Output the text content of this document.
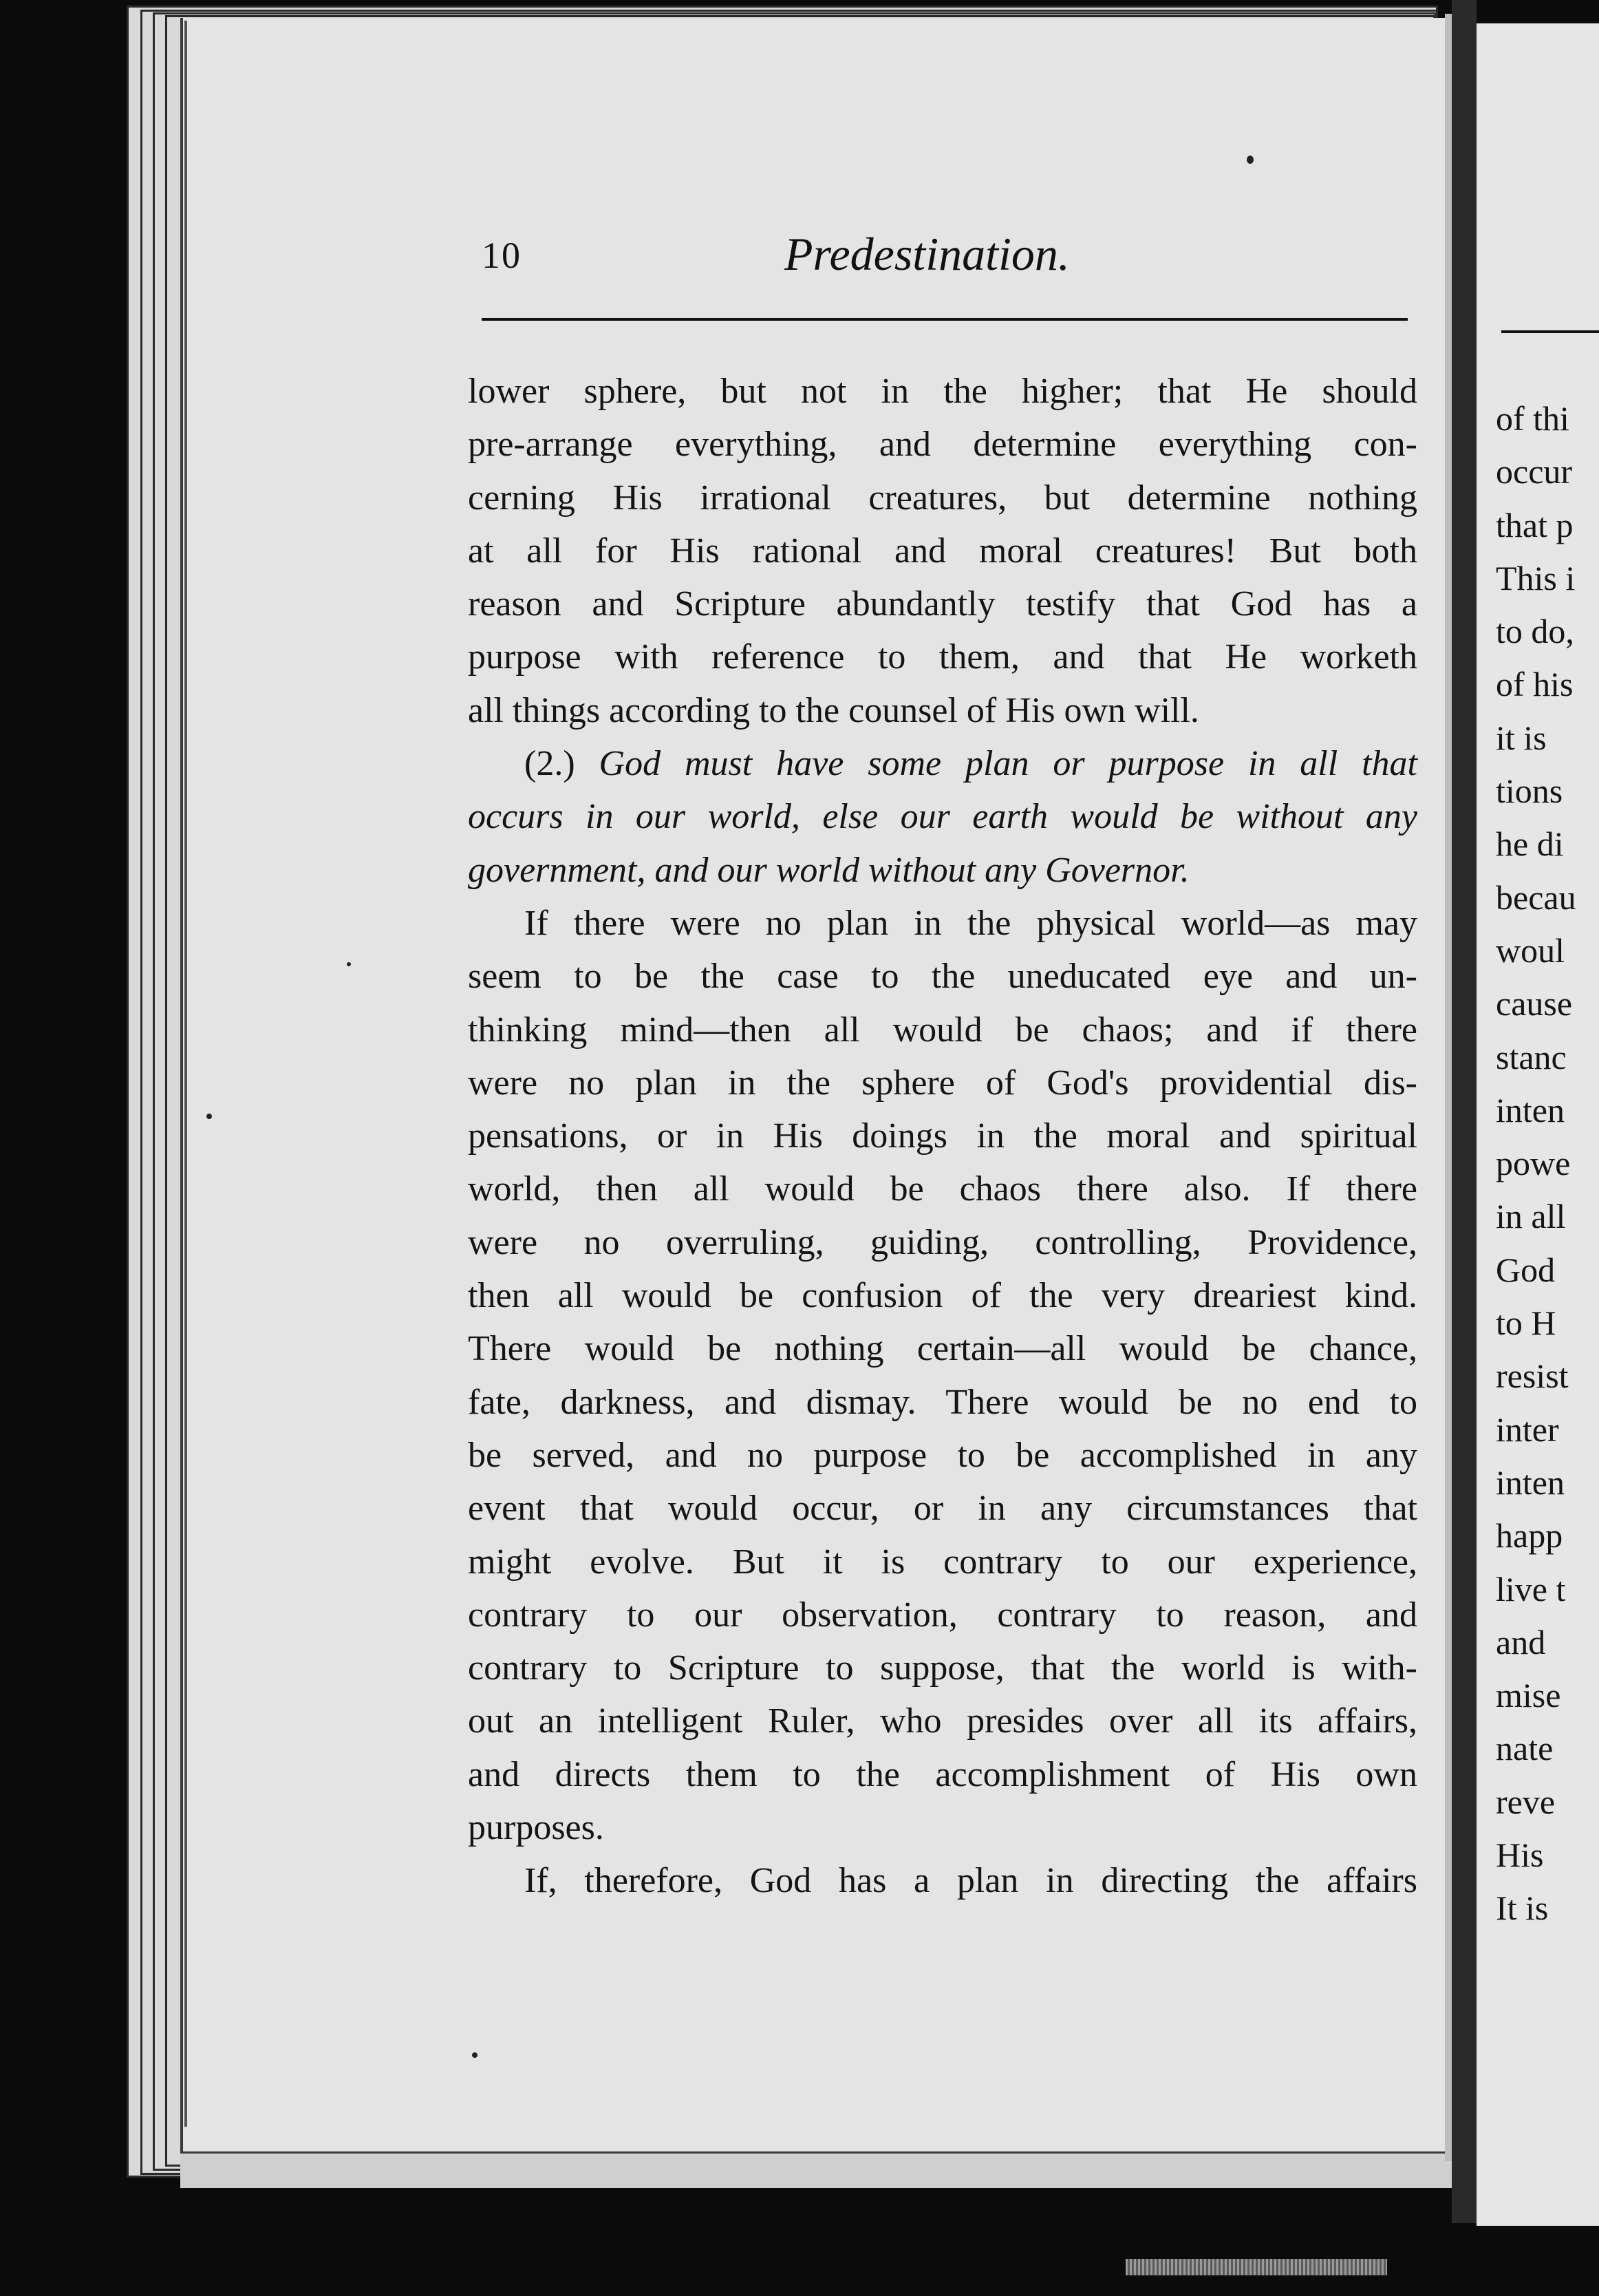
of thi
occur
that p
This i
to do,
of his
it is
tions
he di
becau
woul
cause
stanc
inten
powe
in all
God
to H
resist
inter
inten
happ
live t
and
mise
nate
reve
His
It is
10	Predestination.
lower sphere, but not in the higher; that He should
pre-arrange everything, and determine everything con-
cerning His irrational creatures, but determine nothing
at all for His rational and moral creatures! But both
reason and Scripture abundantly testify that God has a
purpose with reference to them, and that He worketh
all things according to the counsel of His own will.
(2.) God must have some plan or purpose in all that
occurs in our world, else our earth would be without any
government, and our world without any Governor.
If there were no plan in the physical world—as may
seem to be the case to the uneducated eye and un-
thinking mind—then all would be chaos; and if there
were no plan in the sphere of God's providential dis-
pensations, or in His doings in the moral and spiritual
world, then all would be chaos there also. If there
were no overruling, guiding, controlling, Providence,
then all would be confusion of the very dreariest kind.
There would be nothing certain—all would be chance,
fate, darkness, and dismay. There would be no end to
be served, and no purpose to be accomplished in any
event that would occur, or in any circumstances that
might evolve. But it is contrary to our experience,
contrary to our observation, contrary to reason, and
contrary to Scripture to suppose, that the world is with-
out an intelligent Ruler, who presides over all its affairs,
and directs them to the accomplishment of His own
purposes.
If, therefore, God has a plan in directing the affairs
